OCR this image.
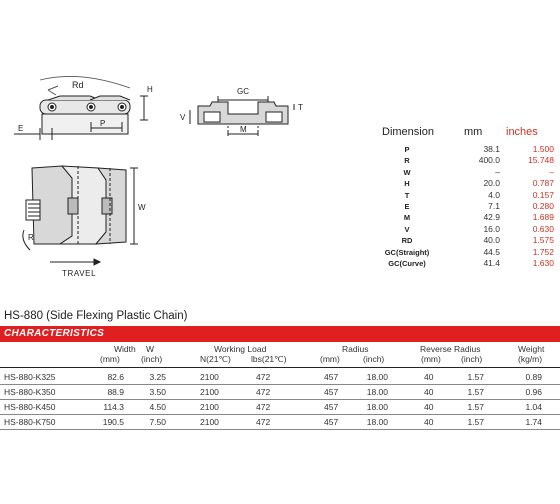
Rd	H
E
P
GC
T
V
M
W
R
TRAVEL
Dimension	mm inches
P	38.1	1.500
R	400.0	15.748
W	–	–
H	20.0	0.787
T	4.0	0.157
E	7.1	0.280
M	42.9	1.689
V	16.0	0.630
RD	40.0	1.575
GC(Straight)	44.5	1.752
GC(Curve)	41.4	1.630
HS-880 (Side Flexing Plastic Chain)
CHARACTERISTICS
Width W	Working Load	Radius	Reverse Radius	Weight
(mm) (inch)	N(21℃) lbs(21℃)	(mm)	(inch)	(mm) (inch)	(kg/m)
HS-880-K325	82.6	3.25	2100	472	457	18.00	40	1.57	0.89
HS-880-K350	88.9	3.50	2100	472	457	18.00	40	1.57	0.96
HS-880-K450	114.3	4.50	2100	472	457	18.00	40	1.57	1.04
HS-880-K750	190.5	7.50	2100	472	457	18.00	40	1.57	1.74
